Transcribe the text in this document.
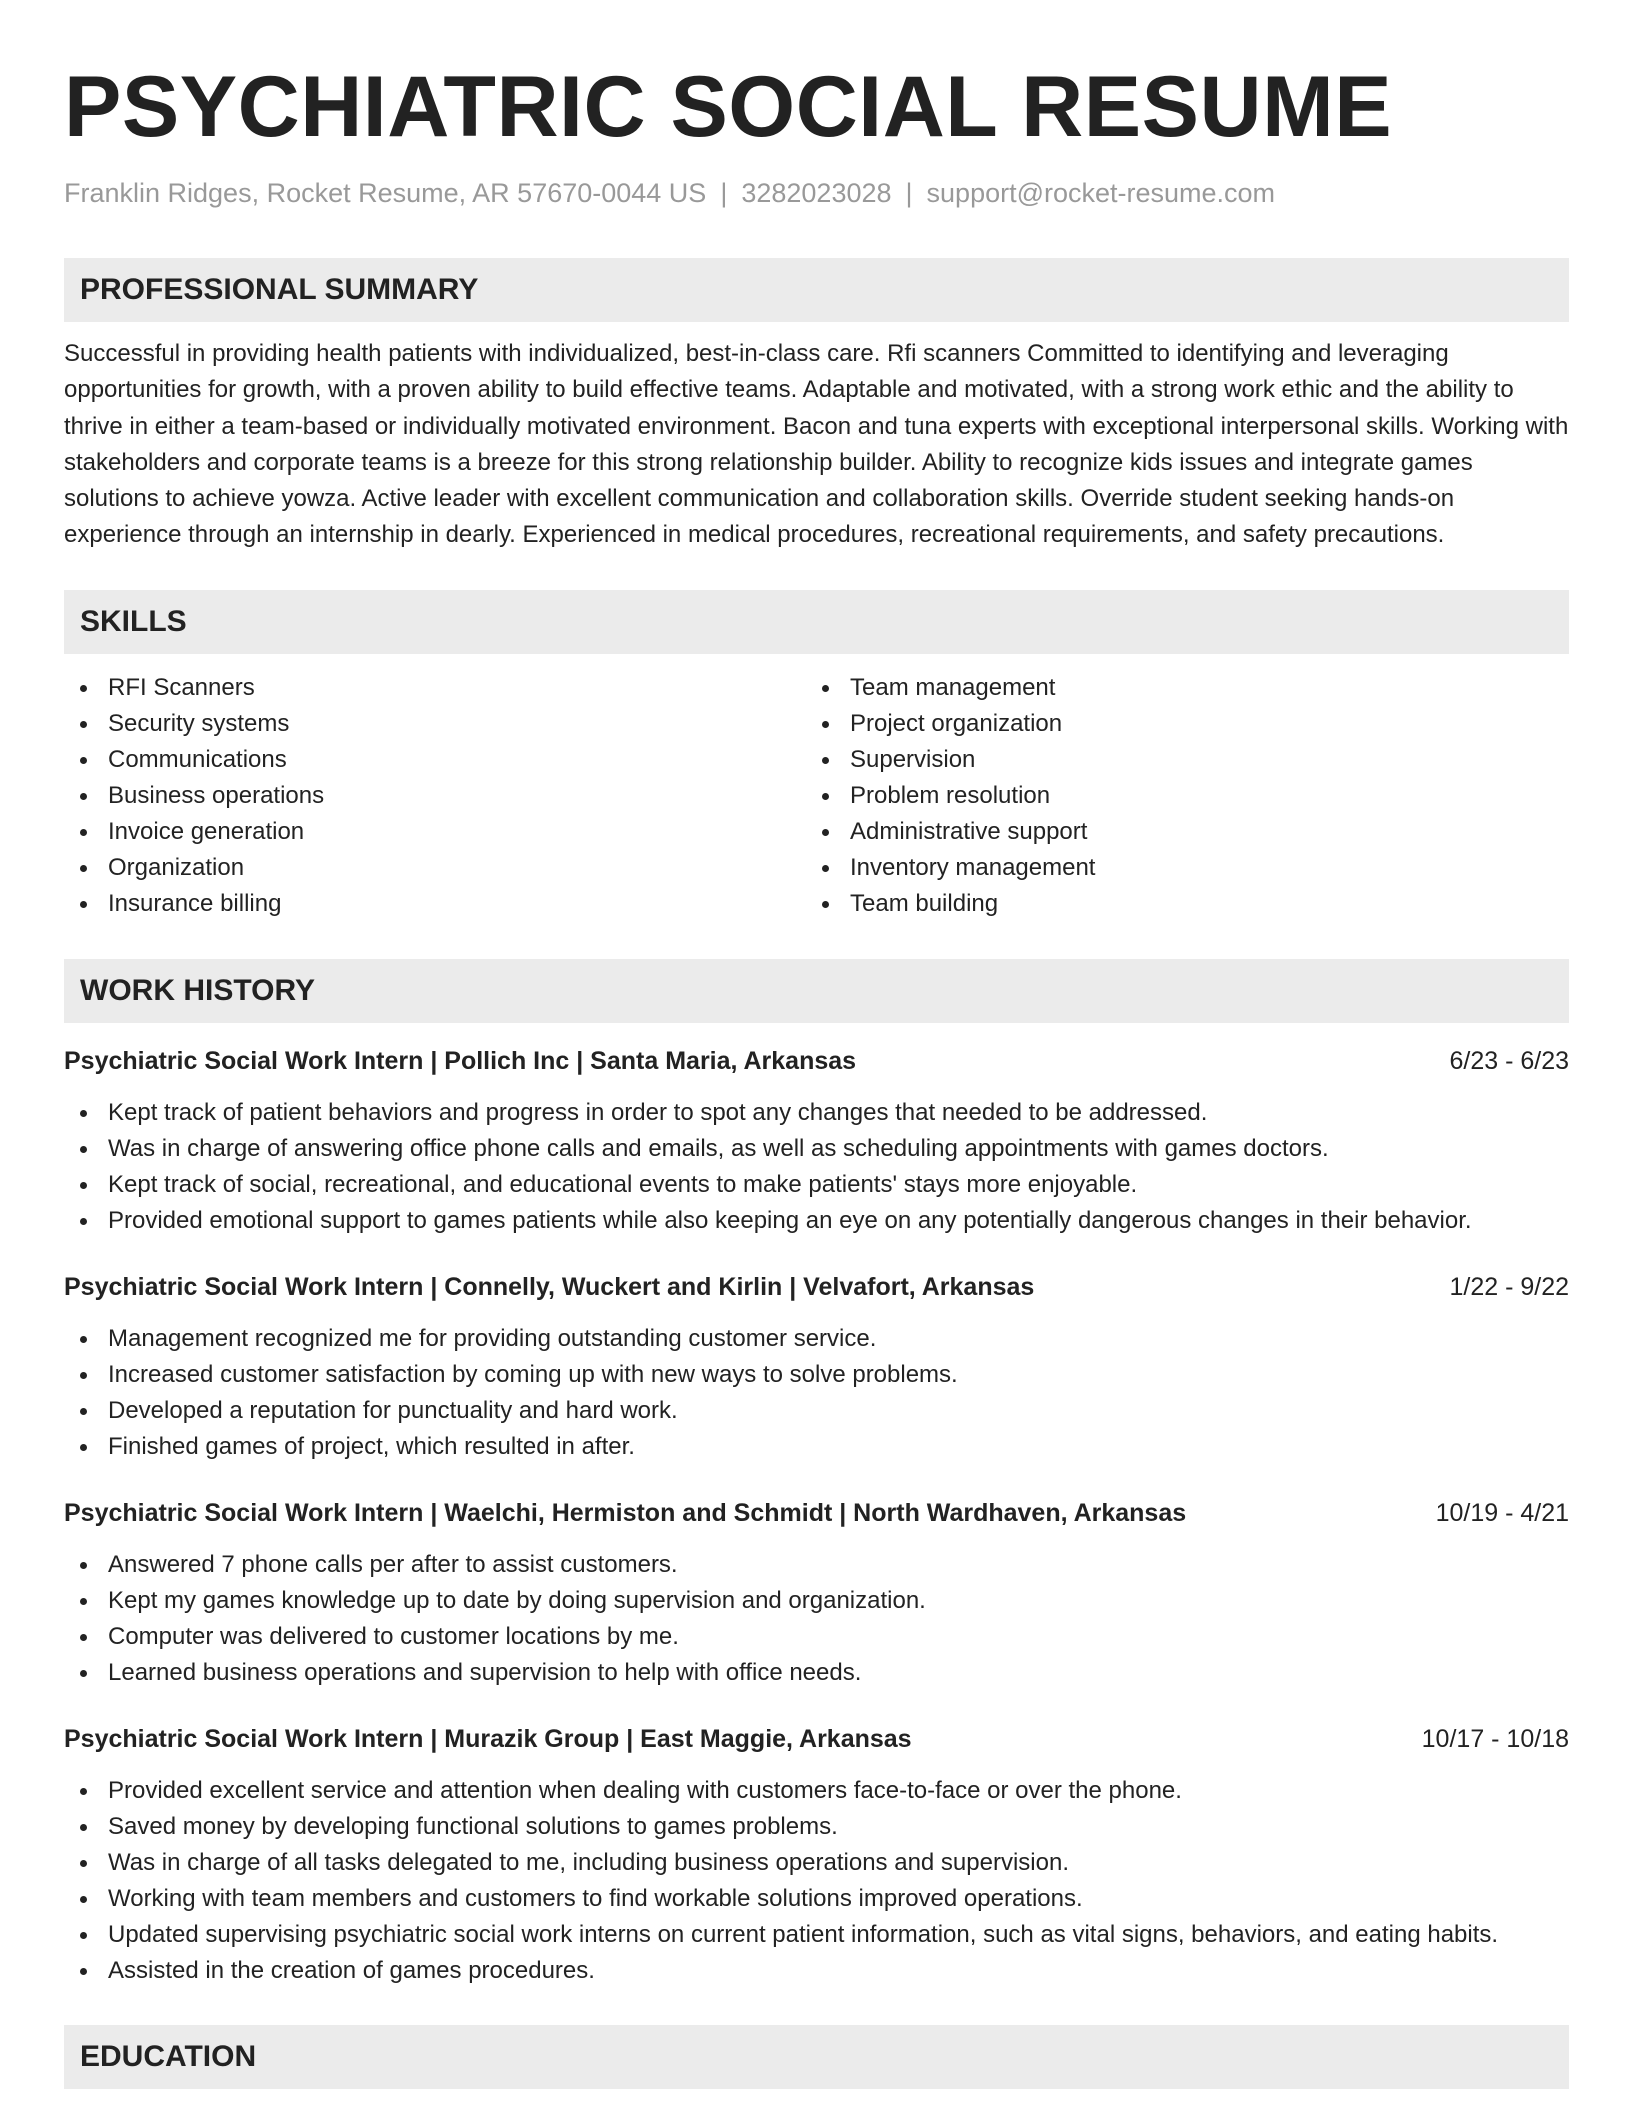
PSYCHIATRIC SOCIAL RESUME
Franklin Ridges, Rocket Resume, AR 57670-0044 US | 3282023028 | support@rocket-resume.com
PROFESSIONAL SUMMARY

Successful in providing health patients with individualized, best-in-class care. Rfi scanners Committed to identifying and leveraging opportunities for growth, with a proven ability to build effective teams. Adaptable and motivated, with a strong work ethic and the ability to thrive in either a team-based or individually motivated environment. Bacon and tuna experts with exceptional interpersonal skills. Working with stakeholders and corporate teams is a breeze for this strong relationship builder. Ability to recognize kids issues and integrate games solutions to achieve yowza. Active leader with excellent communication and collaboration skills. Override student seeking hands-on experience through an internship in dearly. Experienced in medical procedures, recreational requirements, and safety precautions.

SKILLS
RFI Scanners
Security systems
Communications
Business operations
Invoice generation
Organization
Insurance billing
Team management
Project organization
Supervision
Problem resolution
Administrative support
Inventory management
Team building
WORK HISTORY
Psychiatric Social Work Intern | Pollich Inc | Santa Maria, Arkansas	6/23 - 6/23
Kept track of patient behaviors and progress in order to spot any changes that needed to be addressed.
Was in charge of answering office phone calls and emails, as well as scheduling appointments with games doctors.
Kept track of social, recreational, and educational events to make patients' stays more enjoyable.
Provided emotional support to games patients while also keeping an eye on any potentially dangerous changes in their behavior.
Psychiatric Social Work Intern | Connelly, Wuckert and Kirlin | Velvafort, Arkansas	1/22 - 9/22
Management recognized me for providing outstanding customer service.
Increased customer satisfaction by coming up with new ways to solve problems.
Developed a reputation for punctuality and hard work.
Finished games of project, which resulted in after.
Psychiatric Social Work Intern | Waelchi, Hermiston and Schmidt | North Wardhaven, Arkansas	10/19 - 4/21
Answered 7 phone calls per after to assist customers.
Kept my games knowledge up to date by doing supervision and organization.
Computer was delivered to customer locations by me.
Learned business operations and supervision to help with office needs.
Psychiatric Social Work Intern | Murazik Group | East Maggie, Arkansas	10/17 - 10/18
Provided excellent service and attention when dealing with customers face-to-face or over the phone.
Saved money by developing functional solutions to games problems.
Was in charge of all tasks delegated to me, including business operations and supervision.
Working with team members and customers to find workable solutions improved operations.
Updated supervising psychiatric social work interns on current patient information, such as vital signs, behaviors, and eating habits.
Assisted in the creation of games procedures.
EDUCATION
